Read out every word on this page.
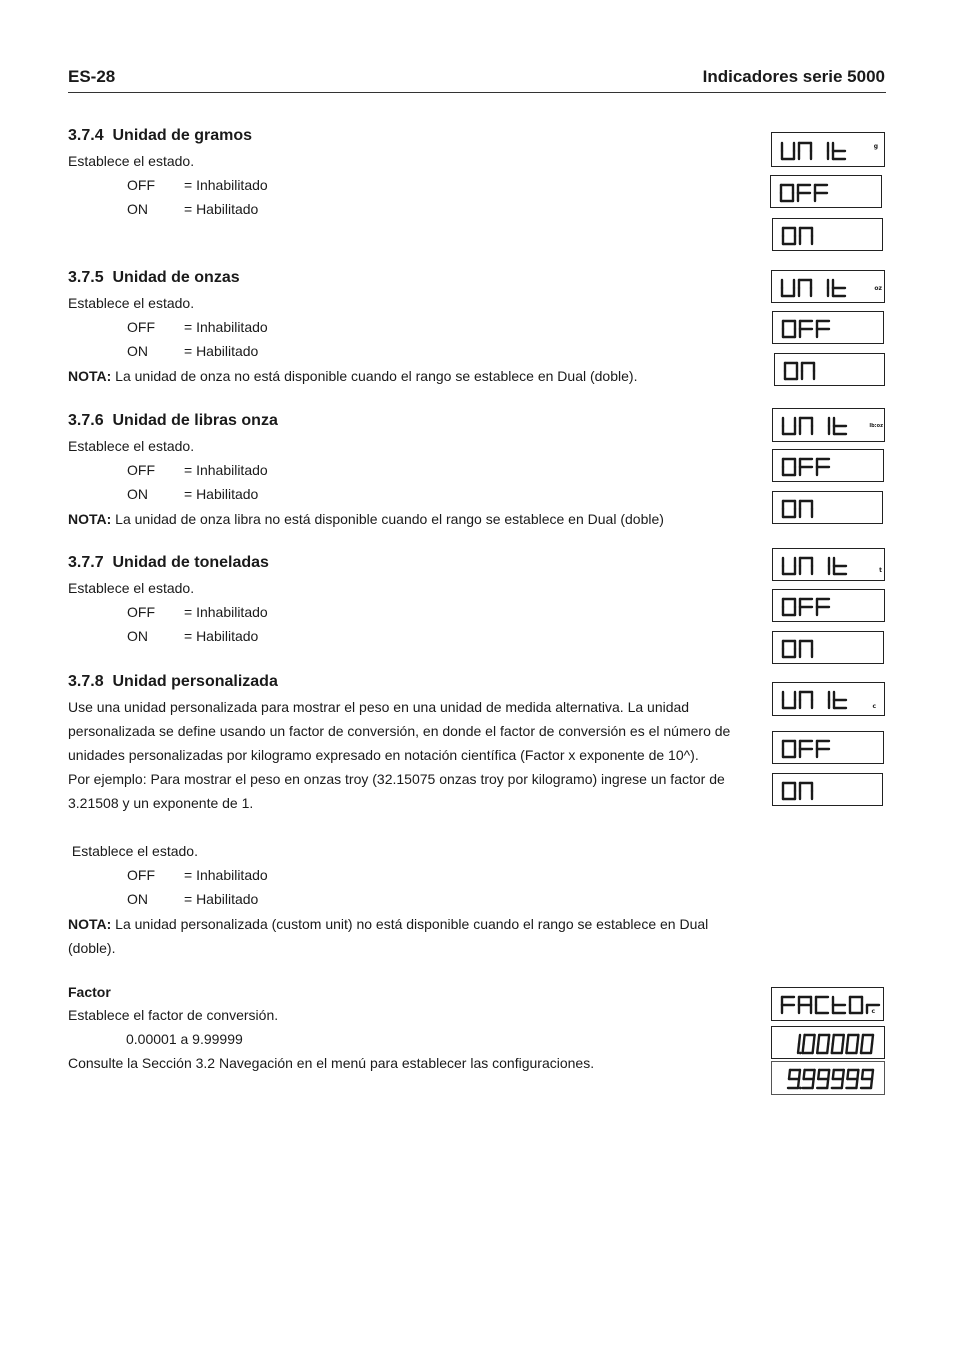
ES-28	Indicadores serie 5000
3.7.4 Unidad de gramos
Establece el estado.
OFF = Inhabilitado
ON	= Habilitado
3.7.5 Unidad de onzas
Establece el estado.
OFF = Inhabilitado
ON	= Habilitado
NOTA: La unidad de onza no está disponible cuando el rango se establece en Dual (doble).
3.7.6 Unidad de libras onza
Establece el estado.
OFF = Inhabilitado
ON	= Habilitado
NOTA: La unidad de onza libra no está disponible cuando el rango se establece en Dual (doble)
3.7.7 Unidad de toneladas
Establece el estado.
OFF = Inhabilitado
ON	= Habilitado
3.7.8 Unidad personalizada
Use una unidad personalizada para mostrar el peso en una unidad de medida alternativa. La unidad personalizada se define usando un factor de conversión, en donde el factor de conversión es el número de unidades personalizadas por kilogramo expresado en notación científica (Factor x exponente de 10^).
Por ejemplo: Para mostrar el peso en onzas troy (32.15075 onzas troy por kilogramo) ingrese un factor de 3.21508 y un exponente de 1.
Establece el estado.
OFF = Inhabilitado
ON	= Habilitado
NOTA: La unidad personalizada (custom unit) no está disponible cuando el rango se establece en Dual (doble).
Factor
Establece el factor de conversión.
0.00001 a 9.99999
Consulte la Sección 3.2 Navegación en el menú para establecer las configuraciones.
g
oz
lb:oz
t
c
c
